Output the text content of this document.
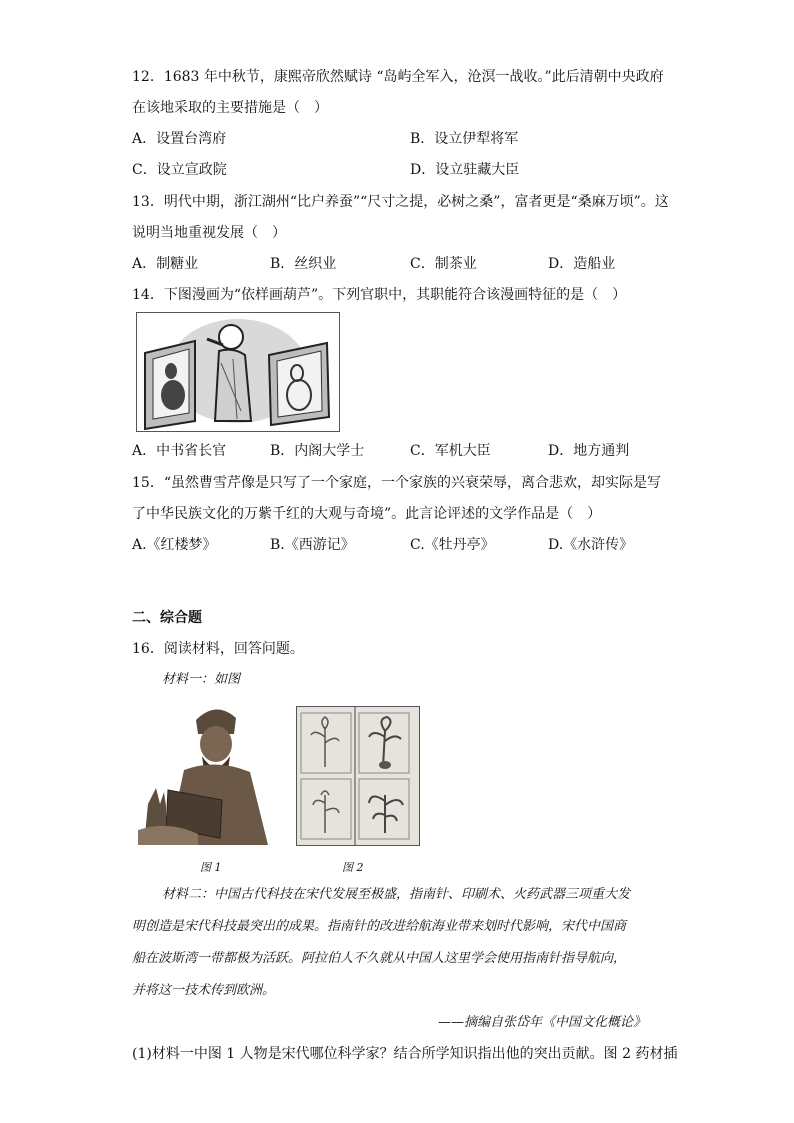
12．1683 年中秋节，康熙帝欣然赋诗 “岛屿全军入，沧溟一战收。”此后清朝中央政府
在该地采取的主要措施是（　）
A．设置台湾府	B．设立伊犁将军
C．设立宣政院	D．设立驻藏大臣
13．明代中期，浙江湖州“比户养蚕”“尺寸之提，必树之桑”，富者更是“桑麻万顷”。这
说明当地重视发展（　）
A．制糖业	B．丝织业	C．制茶业	D．造船业
14．下图漫画为“依样画葫芦”。下列官职中，其职能符合该漫画特征的是（　）
A．中书省长官	B．内阁大学士	C．军机大臣	D．地方通判
15．“虽然曹雪芹像是只写了一个家庭，一个家族的兴衰荣辱，离合悲欢，却实际是写
了中华民族文化的万紫千红的大观与奇境”。此言论评述的文学作品是（　）
A.《红楼梦》	B.《西游记》	C.《牡丹亭》	D.《水浒传》
二、综合题
16．阅读材料，回答问题。
材料一：如图
图 1	图 2
材料二：中国古代科技在宋代发展至极盛，指南针、印刷术、火药武器三项重大发
明创造是宋代科技最突出的成果。指南针的改进给航海业带来划时代影响，宋代中国商
船在波斯湾一带都极为活跃。阿拉伯人不久就从中国人这里学会使用指南针指导航向，
并将这一技术传到欧洲。
——摘编自张岱年《中国文化概论》
(1)材料一中图 1 人物是宋代哪位科学家？结合所学知识指出他的突出贡献。图 2 药材插
